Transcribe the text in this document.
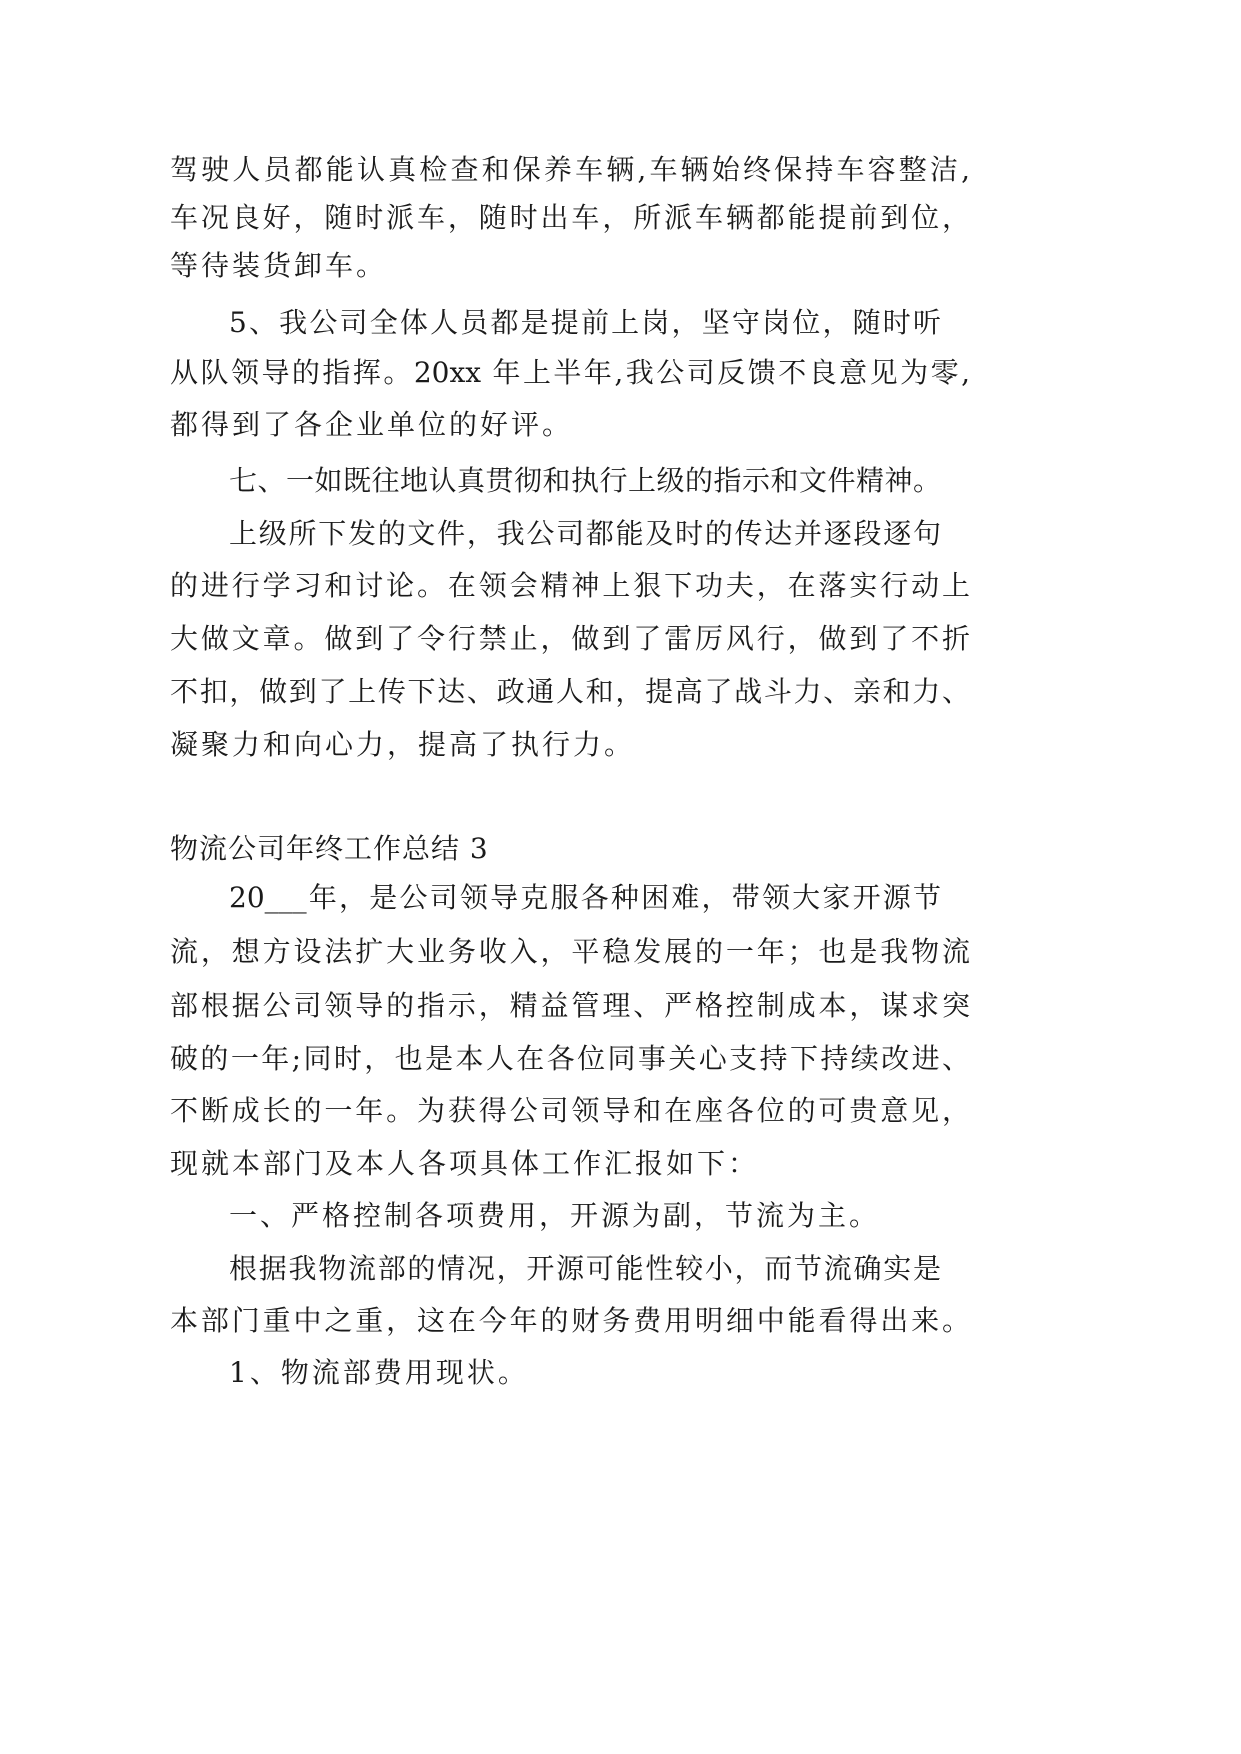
驾驶人员都能认真检查和保养车辆,车辆始终保持车容整洁,
车况良好，随时派车，随时出车，所派车辆都能提前到位，
等待装货卸车。
5、我公司全体人员都是提前上岗，坚守岗位，随时听
从队领导的指挥。20xx 年上半年,我公司反馈不良意见为零,
都得到了各企业单位的好评。
七、一如既往地认真贯彻和执行上级的指示和文件精神。
上级所下发的文件，我公司都能及时的传达并逐段逐句
的进行学习和讨论。在领会精神上狠下功夫，在落实行动上
大做文章。做到了令行禁止，做到了雷厉风行，做到了不折
不扣，做到了上传下达、政通人和，提高了战斗力、亲和力、
凝聚力和向心力，提高了执行力。
物流公司年终工作总结 3
20___年，是公司领导克服各种困难，带领大家开源节
流，想方设法扩大业务收入，平稳发展的一年；也是我物流
部根据公司领导的指示，精益管理、严格控制成本，谋求突
破的一年;同时，也是本人在各位同事关心支持下持续改进、
不断成长的一年。为获得公司领导和在座各位的可贵意见，
现就本部门及本人各项具体工作汇报如下：
一、严格控制各项费用，开源为副，节流为主。
根据我物流部的情况，开源可能性较小，而节流确实是
本部门重中之重，这在今年的财务费用明细中能看得出来。
1、物流部费用现状。
